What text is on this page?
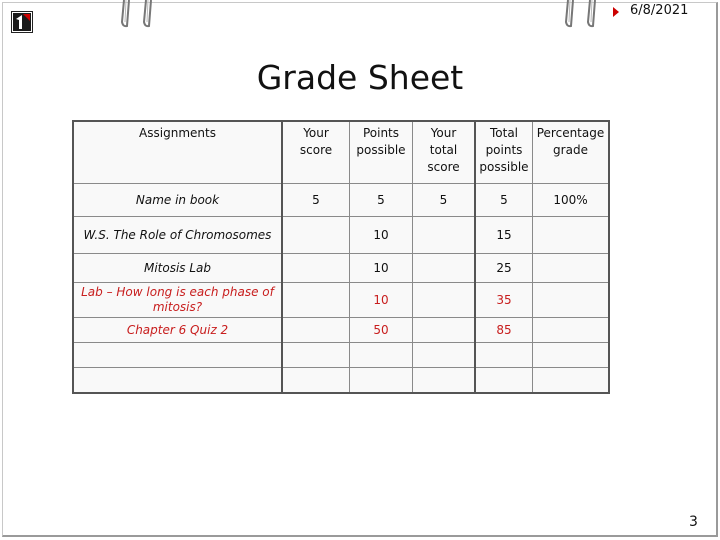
6/8/2021
Grade Sheet
Assignments	Your score	Points possible	Your total score	Total points possible	Percentage grade
Name in book	5	5	5	5	100%
W.S. The Role of Chromosomes		10		15	
Mitosis Lab		10		25	
Lab – How long is each phase of mitosis?		10		35	
Chapter 6 Quiz 2		50		85	

3
